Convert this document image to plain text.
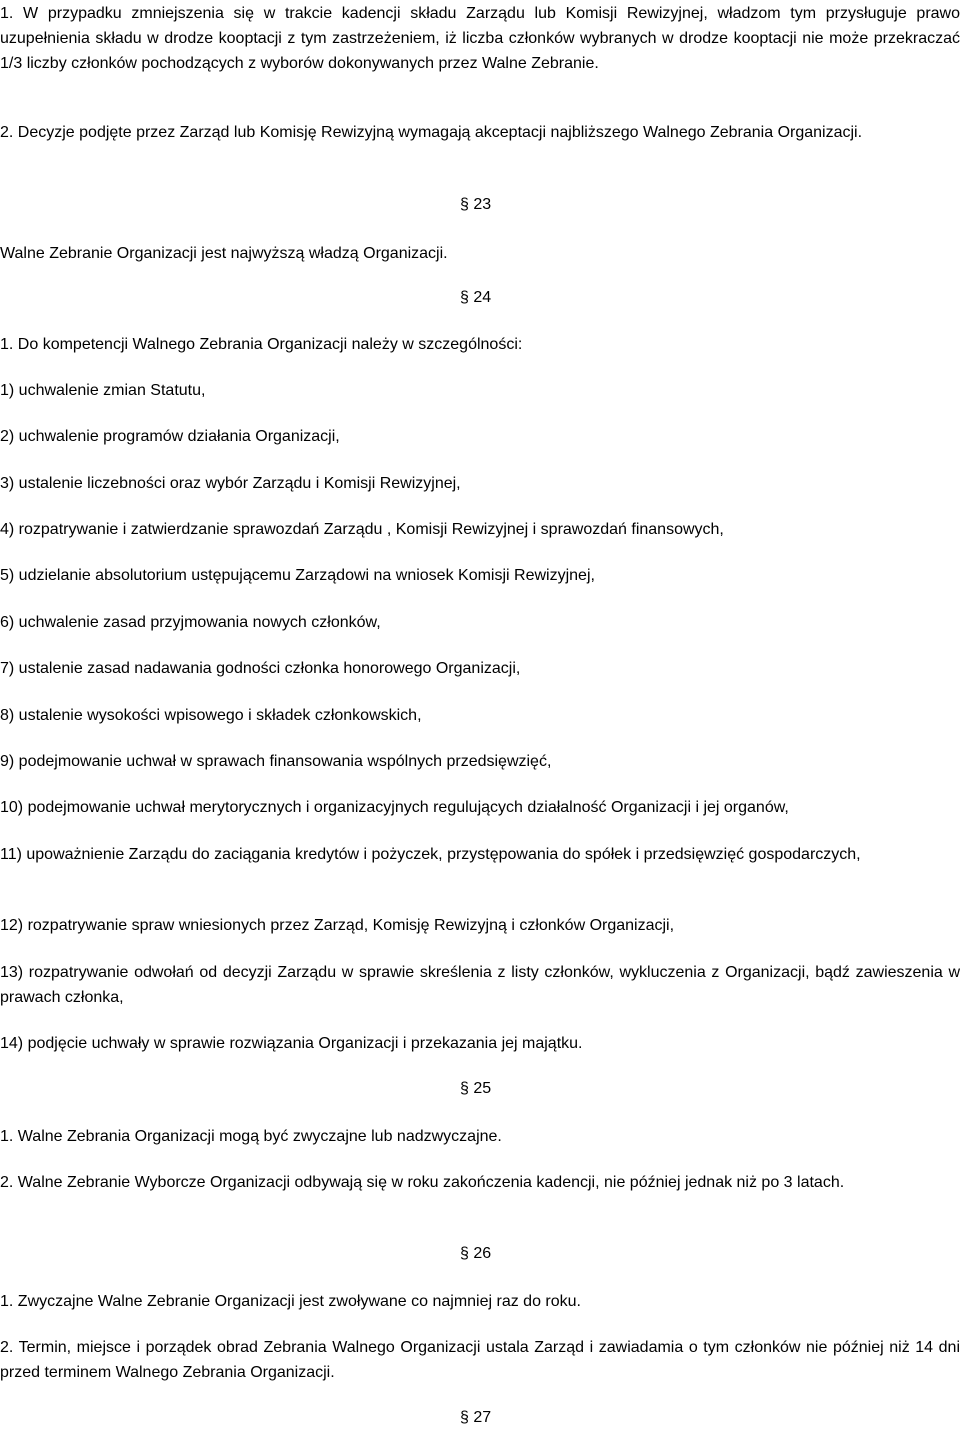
1. W przypadku zmniejszenia się w trakcie kadencji składu Zarządu lub Komisji Rewizyjnej, władzom tym przysługuje prawo uzupełnienia składu w drodze kooptacji z tym zastrzeżeniem, iż liczba członków wybranych w drodze kooptacji nie może przekraczać 1/3 liczby członków pochodzących z wyborów dokonywanych przez Walne Zebranie.

2. Decyzje podjęte przez Zarząd lub Komisję Rewizyjną wymagają akceptacji najbliższego Walnego Zebrania Organizacji.

§ 23

Walne Zebranie Organizacji jest najwyższą władzą Organizacji.

§ 24

1. Do kompetencji Walnego Zebrania Organizacji należy w szczególności:

1) uchwalenie zmian Statutu,

2) uchwalenie programów działania Organizacji,

3) ustalenie liczebności oraz wybór Zarządu i Komisji Rewizyjnej,

4) rozpatrywanie i zatwierdzanie sprawozdań Zarządu , Komisji Rewizyjnej i sprawozdań finansowych,

5) udzielanie absolutorium ustępującemu Zarządowi na wniosek Komisji Rewizyjnej,

6) uchwalenie zasad przyjmowania nowych członków,

7) ustalenie zasad nadawania godności członka honorowego Organizacji,

8) ustalenie wysokości wpisowego i składek członkowskich,

9) podejmowanie uchwał w sprawach finansowania wspólnych przedsięwzięć,

10) podejmowanie uchwał merytorycznych i organizacyjnych regulujących działalność Organizacji i jej organów,

11) upoważnienie Zarządu do zaciągania kredytów i pożyczek, przystępowania do spółek i przedsięwzięć gospodarczych,

12) rozpatrywanie spraw wniesionych przez Zarząd, Komisję Rewizyjną i członków Organizacji,

13) rozpatrywanie odwołań od decyzji Zarządu w sprawie skreślenia z listy członków, wykluczenia z Organizacji, bądź zawieszenia w prawach członka,

14) podjęcie uchwały w sprawie rozwiązania Organizacji i przekazania jej majątku.

§ 25

1. Walne Zebrania Organizacji mogą być zwyczajne lub nadzwyczajne.

2. Walne Zebranie Wyborcze Organizacji odbywają się w roku zakończenia kadencji, nie później jednak niż po 3 latach.

§ 26

1. Zwyczajne Walne Zebranie Organizacji jest zwoływane co najmniej raz do roku.

2. Termin, miejsce i porządek obrad Zebrania Walnego Organizacji ustala Zarząd i zawiadamia o tym członków nie później niż 14 dni przed terminem Walnego Zebrania Organizacji.

§ 27
